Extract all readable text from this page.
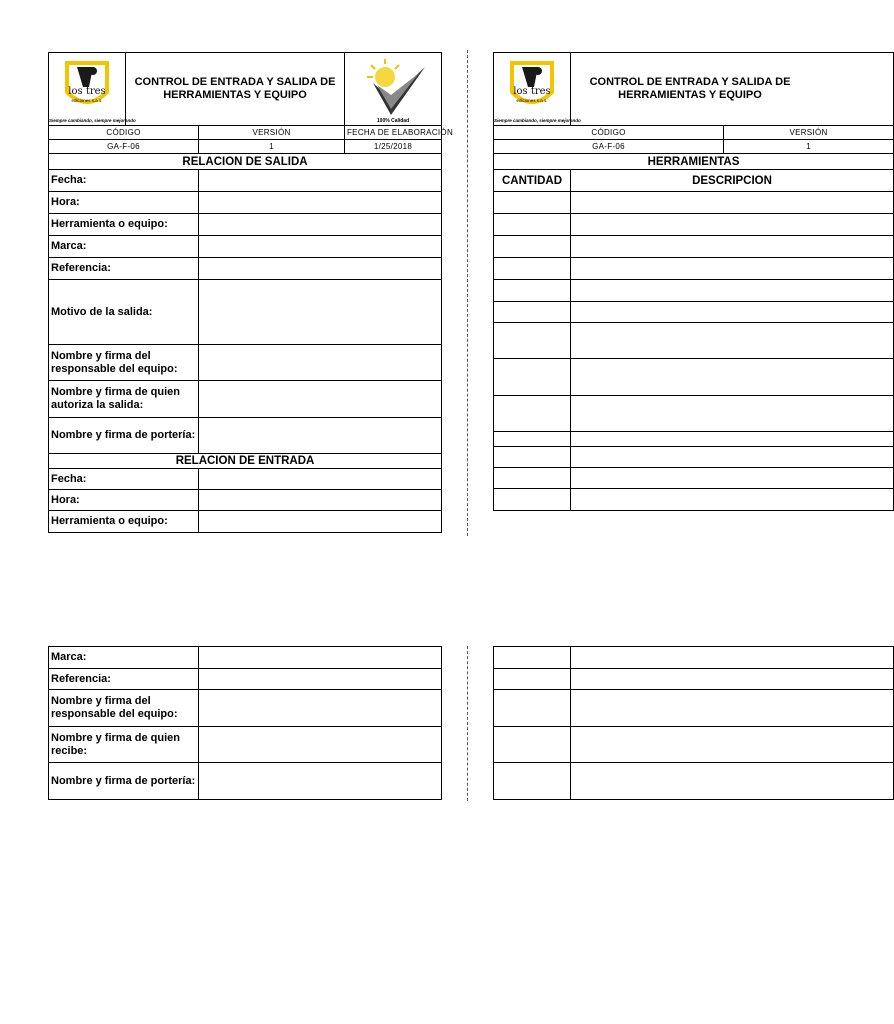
los tres
ediciones s.a.s.
Siempre cambiando, siempre mejorando
CONTROL DE ENTRADA Y SALIDA DE HERRAMIENTAS Y EQUIPO
100% Calidad		

CÓDIGO	VERSIÓN	FECHA DE ELABORACIÓN
GA-F-06	1	1/25/2018
RELACION DE SALIDA		
Fecha:		
Hora:		
Herramienta o equipo:		
Marca:		
Referencia:		
Motivo de la salida:		
Nombre y firma del responsable del equipo:		
Nombre y firma de quien autoriza la salida:		
Nombre y firma de portería:		
RELACION DE ENTRADA		
Fecha:		
Hora:		
Herramienta o equipo:		
Marca:	
Referencia:	
Nombre y firma del responsable del equipo:	
Nombre y firma de quien recibe:	
Nombre y firma de portería:	
los tres
ediciones s.a.s.
Siempre cambiando, siempre mejorando
CONTROL DE ENTRADA Y SALIDA DE HERRAMIENTAS Y EQUIPO		

CÓDIGO		VERSIÓN
GA-F-06		1
HERRAMIENTAS		
CANTIDAD	DESCRIPCION	
